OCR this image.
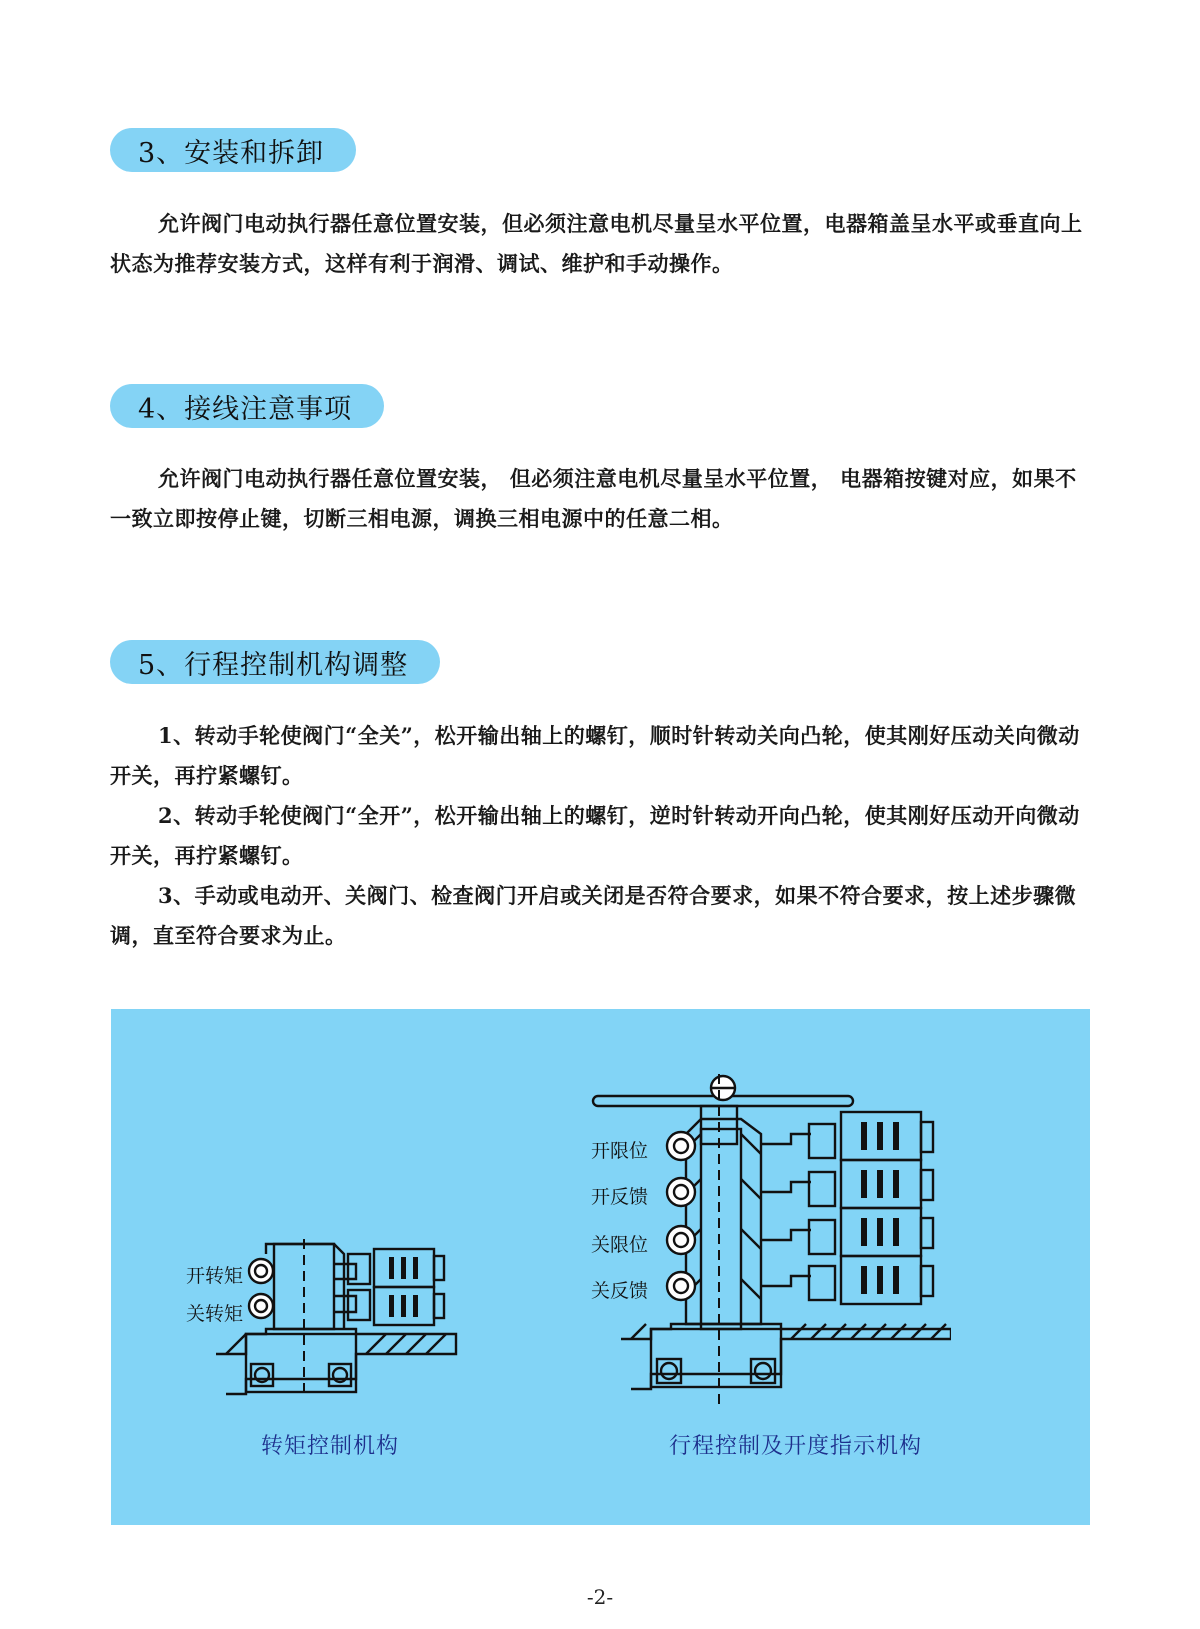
3、安装和拆卸

允许阀门电动执行器任意位置安装，但必须注意电机尽量呈水平位置，电器箱盖呈水平或垂直向上状态为推荐安装方式，这样有利于润滑、调试、维护和手动操作。

4、接线注意事项

允许阀门电动执行器任意位置安装， 但必须注意电机尽量呈水平位置， 电器箱按键对应，如果不一致立即按停止键，切断三相电源，调换三相电源中的任意二相。

5、行程控制机构调整

1、转动手轮使阀门“全关”，松开输出轴上的螺钉，顺时针转动关向凸轮，使其刚好压动关向微动开关，再拧紧螺钉。

2、转动手轮使阀门“全开”，松开输出轴上的螺钉，逆时针转动开向凸轮，使其刚好压动开向微动开关，再拧紧螺钉。

3、手动或电动开、关阀门、检查阀门开启或关闭是否符合要求，如果不符合要求，按上述步骤微调，直至符合要求为止。

开转矩
关转矩
转矩控制机构
开限位
开反馈
关限位
关反馈
行程控制及开度指示机构
-2-
